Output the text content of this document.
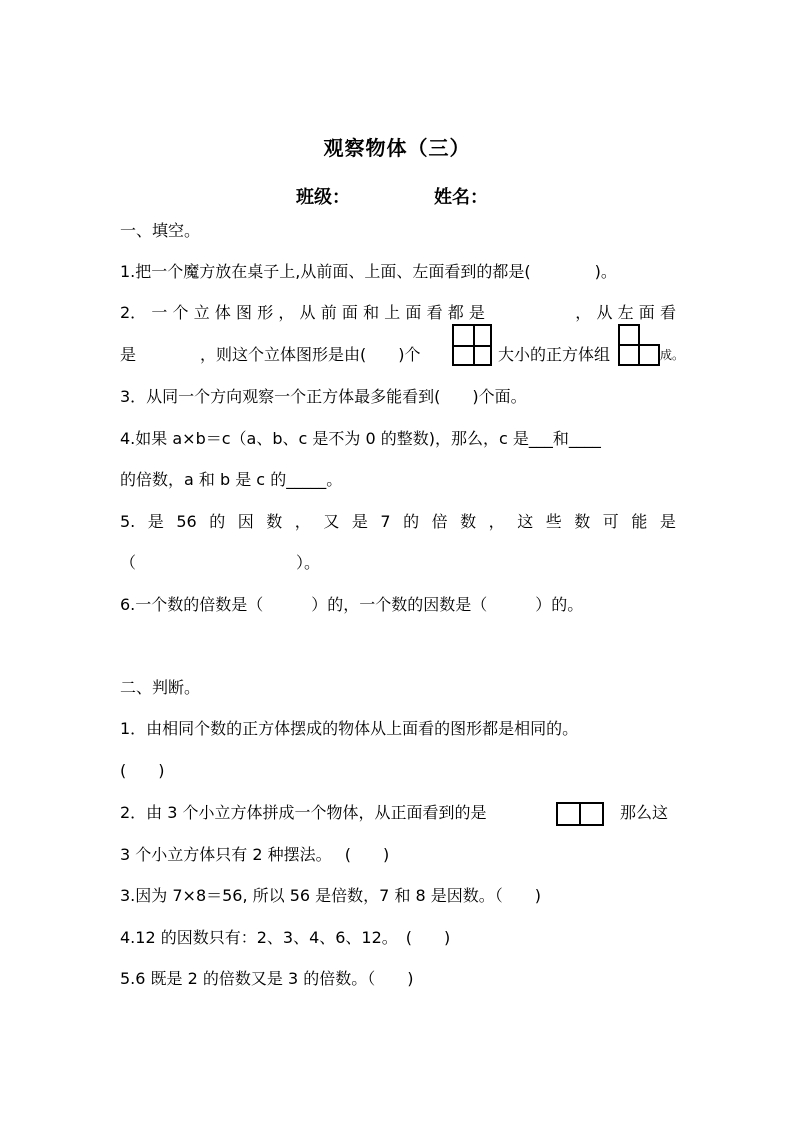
观察物体（三）
班级：	姓名：
一、填空。
1.把一个魔方放在桌子上,从前面、上面、左面看到的都是(　　　　)。
2． 一 个 立 体 图 形 ， 从 前 面 和 上 面 看 都 是
　　　　　	， 从 左 面 看
是	，则这个立体图形是由(　　)个	大小的正方体组	成。
3．从同一个方向观察一个正方体最多能看到(　　)个面。
4.如果 a×b＝c（a、b、c 是不为 0 的整数)，那么，c 是___和____
的倍数，a 和 b 是 c 的_____。
5. 是 56 的 因 数 ， 又 是 7 的 倍 数 ， 这 些 数 可 能 是
（　　　　　　　　　　）。
6.一个数的倍数是（　　　）的，一个数的因数是（　　　）的。
二、判断。
1．由相同个数的正方体摆成的物体从上面看的图形都是相同的。
(　　)
2．由 3 个小立方体拼成一个物体，从正面看到的是	那么这
3 个小立方体只有 2 种摆法。　 (　　)
3.因为 7×8＝56, 所以 56 是倍数，7 和 8 是因数。（　　)
4.12 的因数只有：2、3、4、6、12。　(　　)
5.6 既是 2 的倍数又是 3 的倍数。（　　)
